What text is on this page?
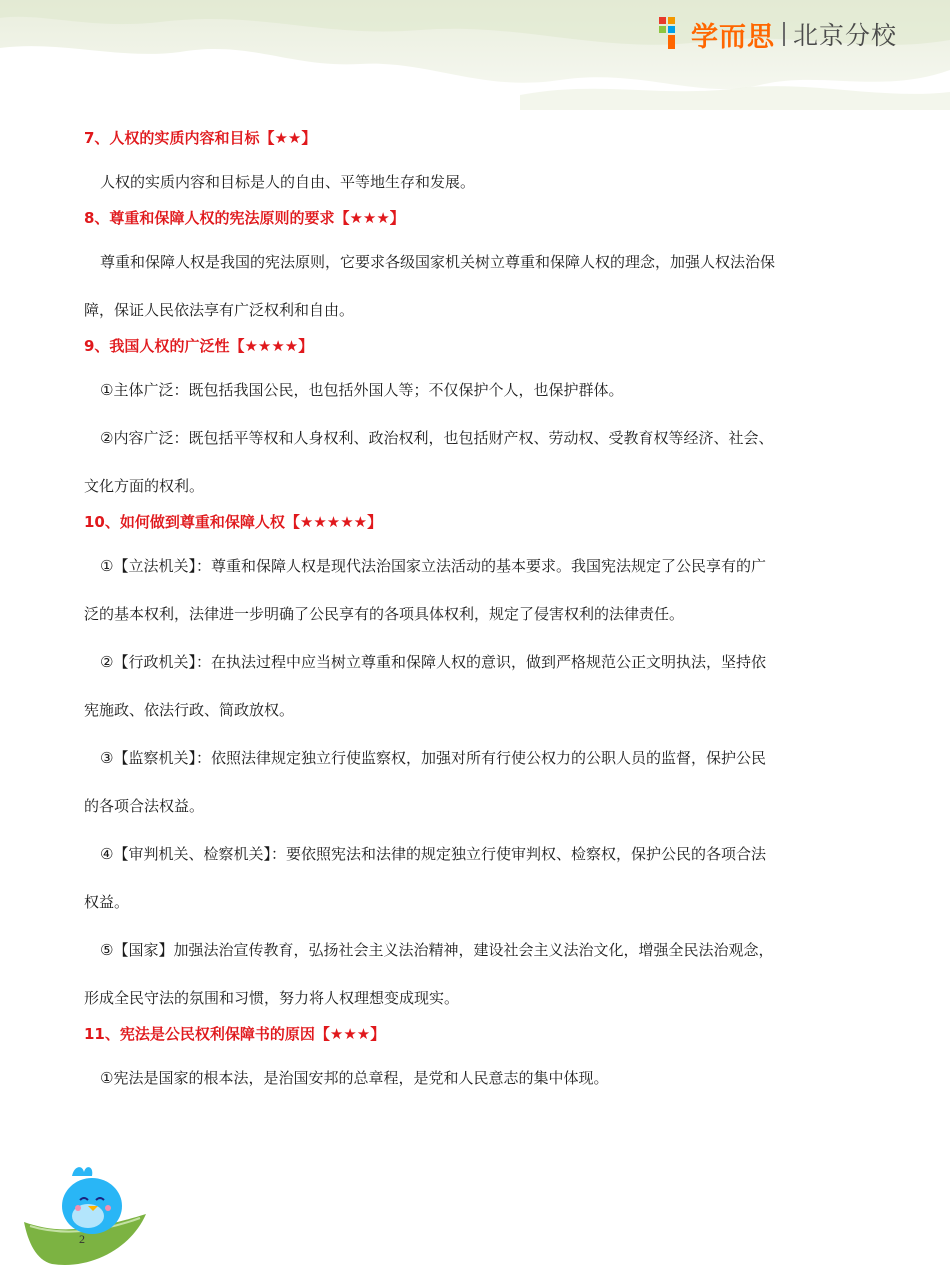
学而思 北京分校

7、人权的实质内容和目标【★★】

人权的实质内容和目标是人的自由、平等地生存和发展。

8、尊重和保障人权的宪法原则的要求【★★★】

尊重和保障人权是我国的宪法原则，它要求各级国家机关树立尊重和保障人权的理念，加强人权法治保

障，保证人民依法享有广泛权利和自由。

9、我国人权的广泛性【★★★★】

①主体广泛：既包括我国公民，也包括外国人等；不仅保护个人，也保护群体。

②内容广泛：既包括平等权和人身权利、政治权利，也包括财产权、劳动权、受教育权等经济、社会、

文化方面的权利。

10、如何做到尊重和保障人权【★★★★★】

①【立法机关】：尊重和保障人权是现代法治国家立法活动的基本要求。我国宪法规定了公民享有的广

泛的基本权利，法律进一步明确了公民享有的各项具体权利，规定了侵害权利的法律责任。

②【行政机关】：在执法过程中应当树立尊重和保障人权的意识，做到严格规范公正文明执法，坚持依

宪施政、依法行政、简政放权。

③【监察机关】：依照法律规定独立行使监察权，加强对所有行使公权力的公职人员的监督，保护公民

的各项合法权益。

④【审判机关、检察机关】：要依照宪法和法律的规定独立行使审判权、检察权，保护公民的各项合法

权益。

⑤【国家】加强法治宣传教育，弘扬社会主义法治精神，建设社会主义法治文化，增强全民法治观念，

形成全民守法的氛围和习惯，努力将人权理想变成现实。

11、宪法是公民权利保障书的原因【★★★】

①宪法是国家的根本法，是治国安邦的总章程，是党和人民意志的集中体现。

2
